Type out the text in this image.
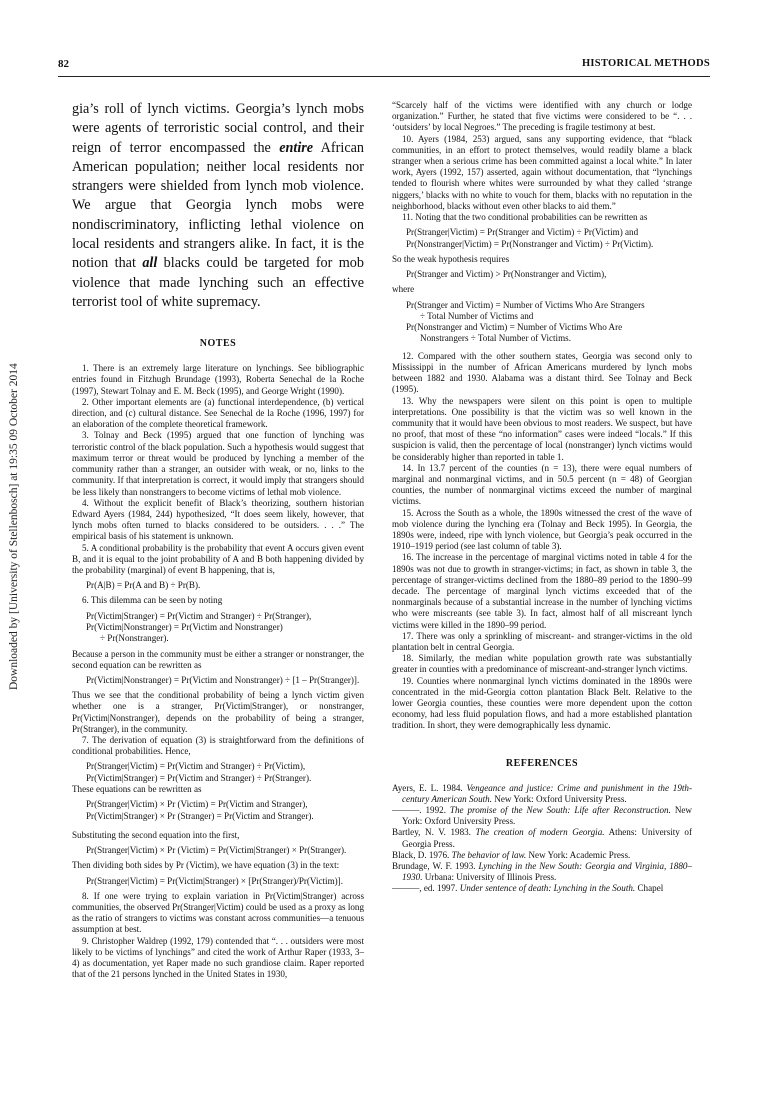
82	HISTORICAL METHODS
Downloaded by [University of Stellenbosch] at 19:35 09 October 2014

gia’s roll of lynch victims. Georgia’s lynch mobs were agents of terroristic social control, and their reign of terror encompassed the entire African American population; neither local residents nor strangers were shielded from lynch mob violence. We argue that Georgia lynch mobs were nondiscriminatory, inflicting lethal violence on local residents and strangers alike. In fact, it is the notion that all blacks could be targeted for mob violence that made lynching such an effective terrorist tool of white supremacy.

NOTES

1. There is an extremely large literature on lynchings. See bibliographic entries found in Fitzhugh Brundage (1993), Roberta Senechal de la Roche (1997), Stewart Tolnay and E. M. Beck (1995), and George Wright (1990).

2. Other important elements are (a) functional interdependence, (b) vertical direction, and (c) cultural distance. See Senechal de la Roche (1996, 1997) for an elaboration of the complete theoretical framework.

3. Tolnay and Beck (1995) argued that one function of lynching was terroristic control of the black population. Such a hypothesis would suggest that maximum terror or threat would be produced by lynching a member of the community rather than a stranger, an outsider with weak, or no, links to the community. If that interpretation is correct, it would imply that strangers should be less likely than nonstrangers to become victims of lethal mob violence.

4. Without the explicit benefit of Black’s theorizing, southern historian Edward Ayers (1984, 244) hypothesized, “It does seem likely, however, that lynch mobs often turned to blacks considered to be outsiders. . . .” The empirical basis of his statement is unknown.

5. A conditional probability is the probability that event A occurs given event B, and it is equal to the joint probability of A and B both happening divided by the probability (marginal) of event B happening, that is,

Pr(A|B) = Pr(A and B) ÷ Pr(B).

6. This dilemma can be seen by noting

Pr(Victim|Stranger) = Pr(Victim and Stranger) ÷ Pr(Stranger),

Pr(Victim|Nonstranger) = Pr(Victim and Nonstranger)

÷ Pr(Nonstranger).

Because a person in the community must be either a stranger or nonstranger, the second equation can be rewritten as

Pr(Victim|Nonstranger) = Pr(Victim and Nonstranger) ÷ [1 – Pr(Stranger)].

Thus we see that the conditional probability of being a lynch victim given whether one is a stranger, Pr(Victim|Stranger), or nonstranger, Pr(Victim|Nonstranger), depends on the probability of being a stranger, Pr(Stranger), in the community.

7. The derivation of equation (3) is straightforward from the definitions of conditional probabilities. Hence,

Pr(Stranger|Victim) = Pr(Victim and Stranger) ÷ Pr(Victim),

Pr(Victim|Stranger) = Pr(Victim and Stranger) ÷ Pr(Stranger).

These equations can be rewritten as

Pr(Stranger|Victim) × Pr (Victim) = Pr(Victim and Stranger),

Pr(Victim|Stranger) × Pr (Stranger) = Pr(Victim and Stranger).

Substituting the second equation into the first,

Pr(Stranger|Victim) × Pr (Victim) = Pr(Victim|Stranger) × Pr(Stranger).

Then dividing both sides by Pr (Victim), we have equation (3) in the text:

Pr(Stranger|Victim) = Pr(Victim|Stranger) × [Pr(Stranger)/Pr(Victim)].

8. If one were trying to explain variation in Pr(Victim|Stranger) across communities, the observed Pr(Stranger|Victim) could be used as a proxy as long as the ratio of strangers to victims was constant across communities—a tenuous assumption at best.

9. Christopher Waldrep (1992, 179) contended that “. . . outsiders were most likely to be victims of lynchings” and cited the work of Arthur Raper (1933, 3–4) as documentation, yet Raper made no such grandiose claim. Raper reported that of the 21 persons lynched in the United States in 1930,

“Scarcely half of the victims were identified with any church or lodge organization.” Further, he stated that five victims were considered to be “. . . ‘outsiders’ by local Negroes.” The preceding is fragile testimony at best.

10. Ayers (1984, 253) argued, sans any supporting evidence, that “black communities, in an effort to protect themselves, would readily blame a black stranger when a serious crime has been committed against a local white.” In later work, Ayers (1992, 157) asserted, again without documentation, that “lynchings tended to flourish where whites were surrounded by what they called ‘strange niggers,’ blacks with no white to vouch for them, blacks with no reputation in the neighborhood, blacks without even other blacks to aid them.”

11. Noting that the two conditional probabilities can be rewritten as

Pr(Stranger|Victim) = Pr(Stranger and Victim) ÷ Pr(Victim) and

Pr(Nonstranger|Victim) = Pr(Nonstranger and Victim) ÷ Pr(Victim).

So the weak hypothesis requires

Pr(Stranger and Victim) > Pr(Nonstranger and Victim),

where

Pr(Stranger and Victim) = Number of Victims Who Are Strangers

÷ Total Number of Victims and

Pr(Nonstranger and Victim) = Number of Victims Who Are

Nonstrangers ÷ Total Number of Victims.

12. Compared with the other southern states, Georgia was second only to Mississippi in the number of African Americans murdered by lynch mobs between 1882 and 1930. Alabama was a distant third. See Tolnay and Beck (1995).

13. Why the newspapers were silent on this point is open to multiple interpretations. One possibility is that the victim was so well known in the community that it would have been obvious to most readers. We suspect, but have no proof, that most of these “no information” cases were indeed “locals.” If this suspicion is valid, then the percentage of local (nonstranger) lynch victims would be considerably higher than reported in table 1.

14. In 13.7 percent of the counties (n = 13), there were equal numbers of marginal and nonmarginal victims, and in 50.5 percent (n = 48) of Georgian counties, the number of nonmarginal victims exceed the number of marginal victims.

15. Across the South as a whole, the 1890s witnessed the crest of the wave of mob violence during the lynching era (Tolnay and Beck 1995). In Georgia, the 1890s were, indeed, ripe with lynch violence, but Georgia’s peak occurred in the 1910–1919 period (see last column of table 3).

16. The increase in the percentage of marginal victims noted in table 4 for the 1890s was not due to growth in stranger-victims; in fact, as shown in table 3, the percentage of stranger-victims declined from the 1880–89 period to the 1890–99 decade. The percentage of marginal lynch victims exceeded that of the nonmarginals because of a substantial increase in the number of lynching victims who were miscreants (see table 3). In fact, almost half of all miscreant lynch victims were killed in the 1890–99 period.

17. There was only a sprinkling of miscreant- and stranger-victims in the old plantation belt in central Georgia.

18. Similarly, the median white population growth rate was substantially greater in counties with a predominance of miscreant-and-stranger lynch victims.

19. Counties where nonmarginal lynch victims dominated in the 1890s were concentrated in the mid-Georgia cotton plantation Black Belt. Relative to the lower Georgia counties, these counties were more dependent upon the cotton economy, had less fluid population flows, and had a more established plantation tradition. In short, they were demographically less dynamic.

REFERENCES

Ayers, E. L. 1984. Vengeance and justice: Crime and punishment in the 19th-century American South. New York: Oxford University Press.

———. 1992. The promise of the New South: Life after Reconstruction. New York: Oxford University Press.

Bartley, N. V. 1983. The creation of modern Georgia. Athens: University of Georgia Press.

Black, D. 1976. The behavior of law. New York: Academic Press.

Brundage, W. F. 1993. Lynching in the New South: Georgia and Virginia, 1880–1930. Urbana: University of Illinois Press.

———, ed. 1997. Under sentence of death: Lynching in the South. Chapel
